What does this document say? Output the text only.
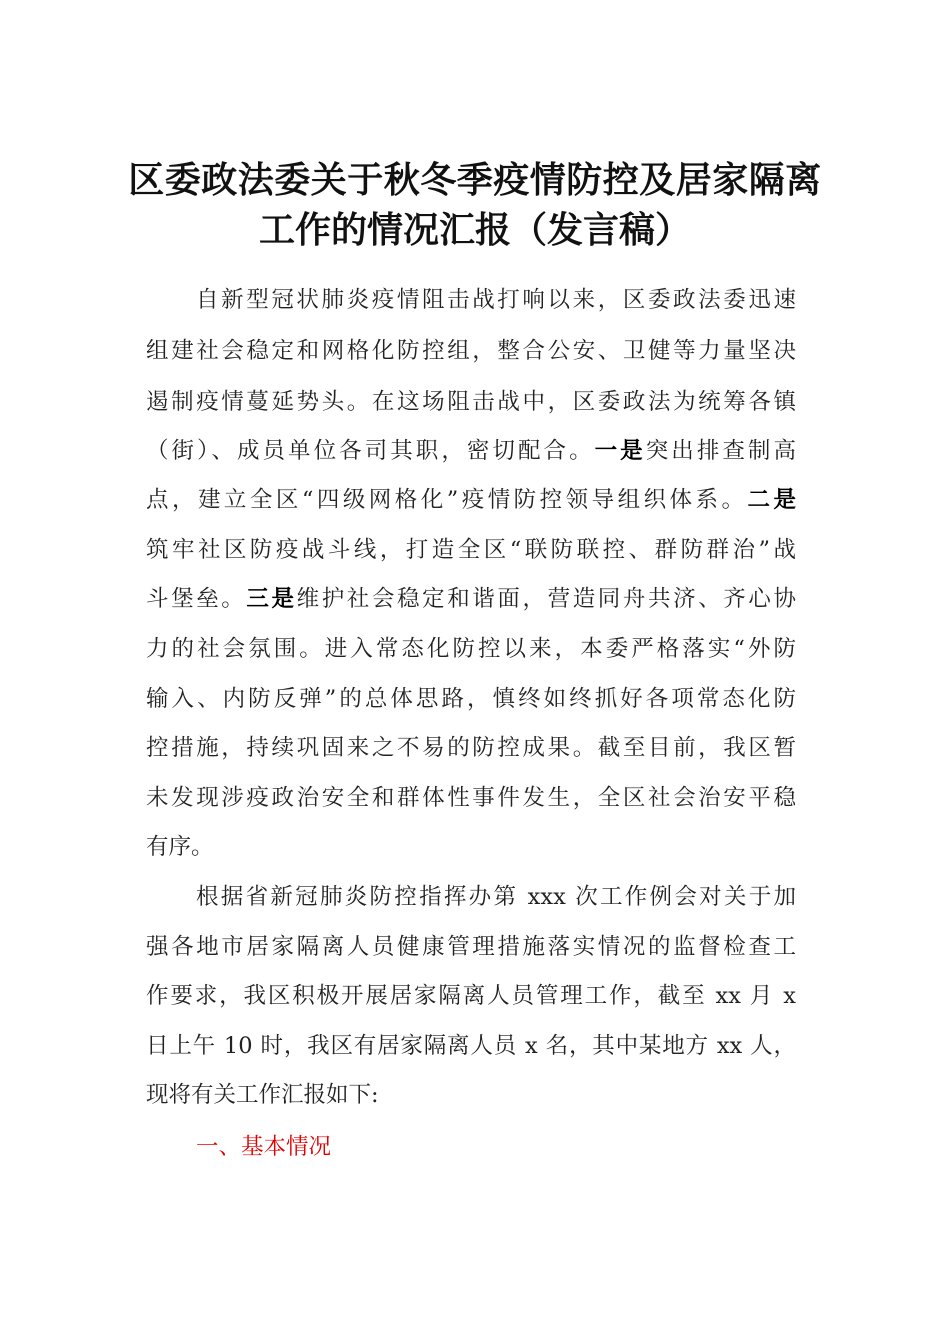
区委政法委关于秋冬季疫情防控及居家隔离
工作的情况汇报（发言稿）
自新型冠状肺炎疫情阻击战打响以来，区委政法委迅速
组建社会稳定和网格化防控组，整合公安、卫健等力量坚决
遏制疫情蔓延势头。在这场阻击战中，区委政法为统筹各镇
（街）、成员单位各司其职，密切配合。一是突出排查制高
点，建立全区“四级网格化”疫情防控领导组织体系。二是
筑牢社区防疫战斗线，打造全区“联防联控、群防群治”战
斗堡垒。三是维护社会稳定和谐面，营造同舟共济、齐心协
力的社会氛围。进入常态化防控以来，本委严格落实“外防
输入、内防反弹”的总体思路，慎终如终抓好各项常态化防
控措施，持续巩固来之不易的防控成果。截至目前，我区暂
未发现涉疫政治安全和群体性事件发生，全区社会治安平稳
有序。
根据省新冠肺炎防控指挥办第 xxx 次工作例会对关于加
强各地市居家隔离人员健康管理措施落实情况的监督检查工
作要求，我区积极开展居家隔离人员管理工作，截至 xx 月 x
日上午 10 时，我区有居家隔离人员 x 名，其中某地方 xx 人，
现将有关工作汇报如下:
一、基本情况
